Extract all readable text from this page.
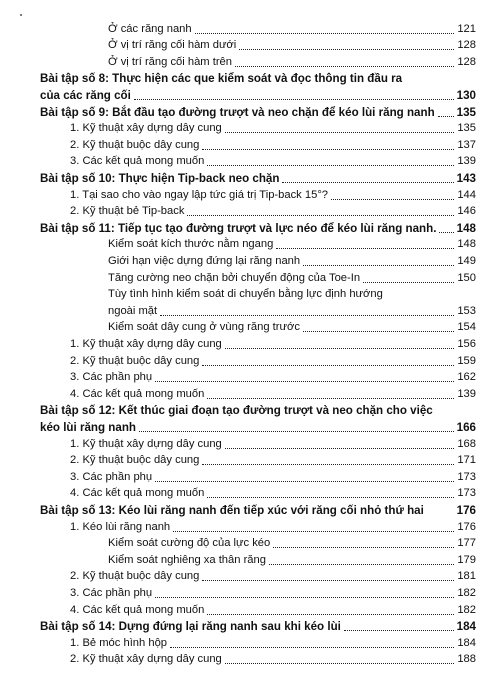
Ở các răng nanh	121
Ở vị trí răng cối hàm dưới	128
Ở vị trí răng cối hàm trên	128
Bài tập số 8: Thực hiện các que kiểm soát và đọc thông tin đầu ra
của các răng cối	130
Bài tập số 9: Bắt đầu tạo đường trượt và neo chặn để kéo lùi răng nanh 135
1. Kỹ thuật xây dựng dây cung	135
2. Kỹ thuật buộc dây cung	137
3. Các kết quả mong muốn	139
Bài tập số 10: Thực hiện Tip-back neo chặn	143
1. Tại sao cho vào ngay lập tức giá trị Tip-back 15°?	144
2. Kỹ thuật bẻ Tip-back	146
Bài tập số 11: Tiếp tục tạo đường trượt và lực néo để kéo lùi răng nanh. 148
Kiểm soát kích thước nằm ngang	148
Giới hạn việc dựng đứng lại răng nanh	149
Tăng cường neo chặn bởi chuyển động của Toe-In	150
Tùy tình hình kiểm soát di chuyển bằng lực định hướng
ngoài mặt	153
Kiểm soát dây cung ở vùng răng trước	154
1. Kỹ thuật xây dựng dây cung	156
2. Kỹ thuật buộc dây cung	159
3. Các phần phụ	162
4. Các kết quả mong muốn	139
Bài tập số 12: Kết thúc giai đoạn tạo đường trượt và neo chặn cho việc
kéo lùi răng nanh	166
1. Kỹ thuật xây dựng dây cung	168
2. Kỹ thuật buộc dây cung	171
3. Các phần phụ	173
4. Các kết quả mong muốn	173
Bài tập số 13: Kéo lùi răng nanh đến tiếp xúc với răng cối nhỏ thứ hai	176
1. Kéo lùi răng nanh	176
Kiểm soát cường độ của lực kéo	177
Kiểm soát nghiêng xa thân răng	179
2. Kỹ thuật buộc dây cung	181
3. Các phần phụ	182
4. Các kết quả mong muốn	182
Bài tập số 14: Dựng đứng lại răng nanh sau khi kéo lùi	184
1. Bẻ móc hình hộp	184
2. Kỹ thuật xây dựng dây cung	188
